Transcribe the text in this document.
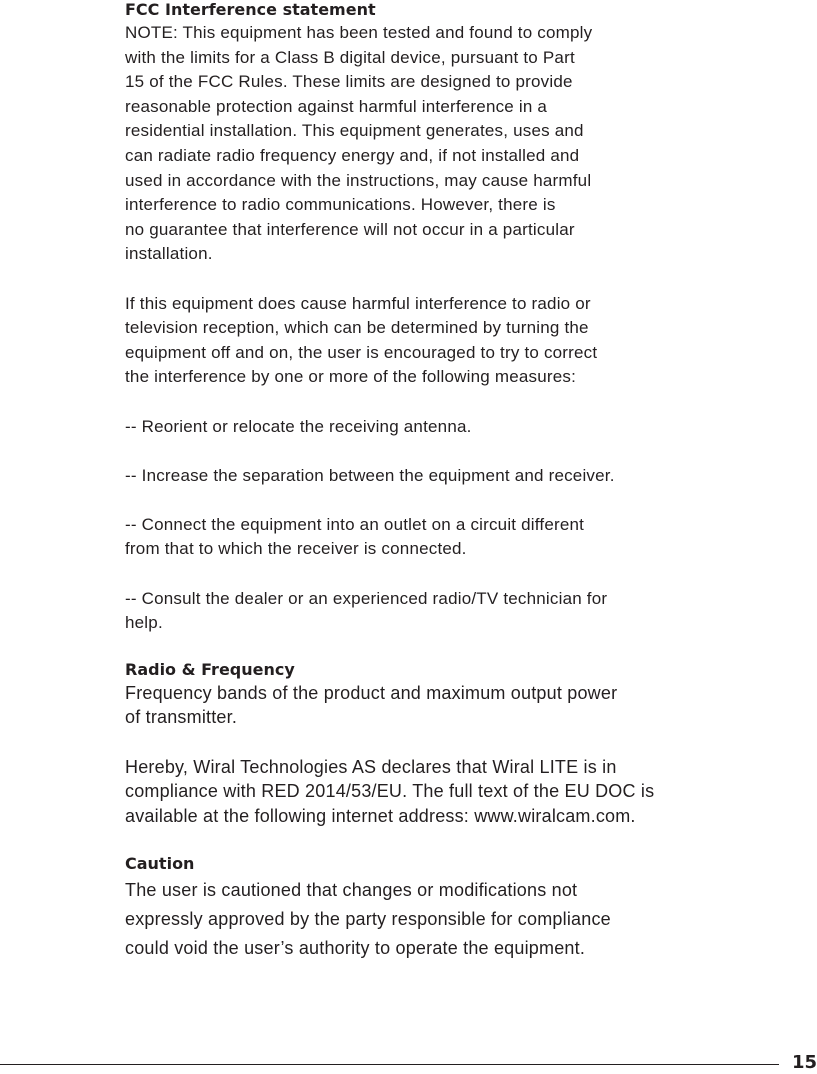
FCC Interference statement

NOTE: This equipment has been tested and found to comply
with the limits for a Class B digital device, pursuant to Part
15 of the FCC Rules. These limits are designed to provide
reasonable protection against harmful interference in a
residential installation. This equipment generates, uses and
can radiate radio frequency energy and, if not installed and
used in accordance with the instructions, may cause harmful
interference to radio communications. However, there is
no guarantee that interference will not occur in a particular
installation.

If this equipment does cause harmful interference to radio or
television reception, which can be determined by turning the
equipment off and on, the user is encouraged to try to correct
the interference by one or more of the following measures:

-- Reorient or relocate the receiving antenna.

-- Increase the separation between the equipment and receiver.

-- Connect the equipment into an outlet on a circuit different
from that to which the receiver is connected.

-- Consult the dealer or an experienced radio/TV technician for
help.

Radio & Frequency

Frequency bands of the product and maximum output power
of transmitter.

Hereby, Wiral Technologies AS declares that Wiral LITE is in
compliance with RED 2014/53/EU. The full text of the EU DOC is
available at the following internet address: www.wiralcam.com.

Caution

The user is cautioned that changes or modifications not
expressly approved by the party responsible for compliance
could void the user’s authority to operate the equipment.

15
